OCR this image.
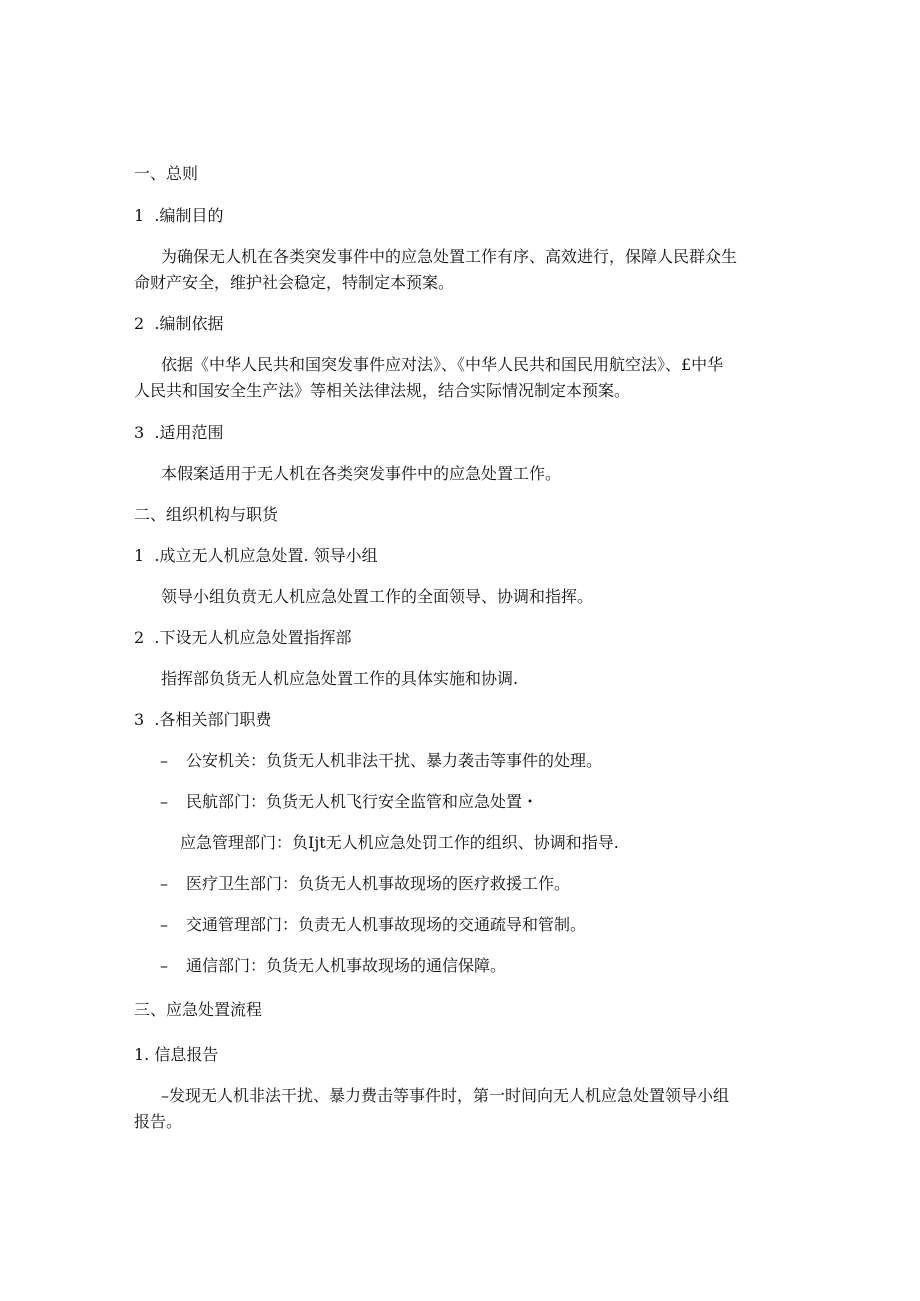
一、总则
1  .编制目的
为确保无人机在各类突发事件中的应急处置工作有序、高效进行，保障人民群众生
命财产安全，维护社会稳定，特制定本预案。
2  .编制依据
依据《中华人民共和国突发事件应对法》、《中华人民共和国民用航空法》、£中华
人民共和国安全生产法》等相关法律法规，结合实际情况制定本预案。
3  .适用范围
本假案适用于无人机在各类突发事件中的应急处置工作。
二、组织机构与职货
1  .成立无人机应急处置. 领导小组
领导小组负贲无人机应急处置工作的全面领导、协调和指挥。
2  .下设无人机应急处置指挥部
指挥部负货无人机应急处置工作的具体实施和协调.
3  .各相关部门职费
– 公安机关：负货无人机非法干扰、暴力袭击等事件的处理。
– 民航部门：负货无人机飞行安全监管和应急处置・
应急管理部门：负Ijt无人机应急处罚工作的组织、协调和指导.
– 医疗卫生部门：负货无人机事故现场的医疗救援工作。
– 交通管理部门：负责无人机事故现场的交通疏导和管制。
– 通信部门：负货无人机事故现场的通信保障。
三、应急处置流程
1. 信息报告
–发现无人机非法干扰、暴力费击等事件时，第一时间向无人机应急处置领导小组
报告。
